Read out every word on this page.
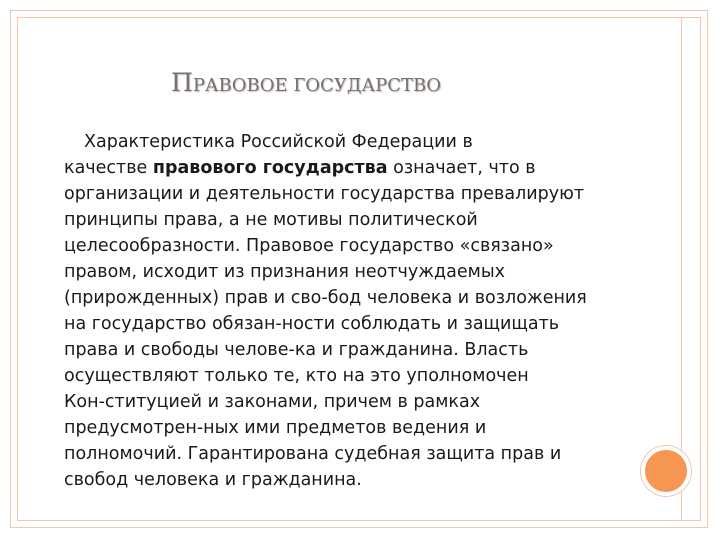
ПРАВОВОЕ ГОСУДАРСТВО
Характеристика Российской Федерации в
качестве правового государства означает, что в
организации и деятельности государства превалируют
принципы права, а не мотивы политической
целесообразности. Правовое государство «связано»
правом, исходит из признания неотчуждаемых
(прирожденных) прав и сво-бод человека и возложения
на государство обязан-ности соблюдать и защищать
права и свободы челове-ка и гражданина. Власть
осуществляют только те, кто на это уполномочен
Кон-ституцией и законами, причем в рамках
предусмотрен-ных ими предметов ведения и
полномочий. Гарантирована судебная защита прав и
свобод человека и гражданина.
